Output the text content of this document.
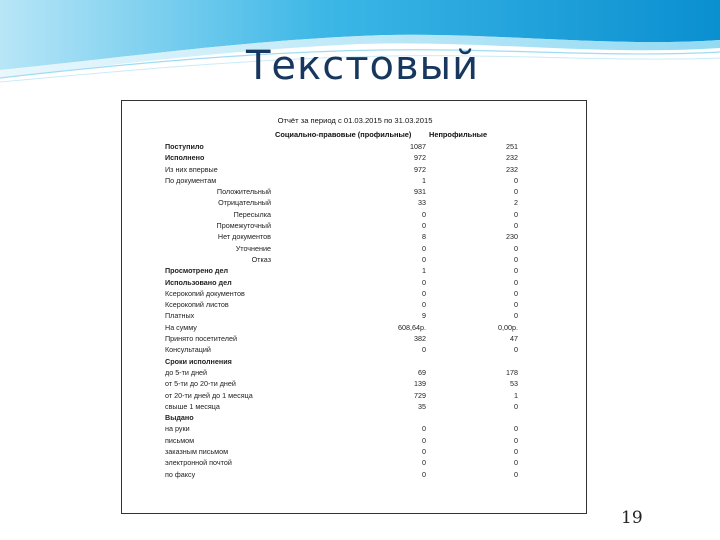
Текстовый
Отчёт за период с 01.03.2015 по 31.03.2015
Социально-правовые (профильные) Непрофильные
Поступило	1087	251
Исполнено	972	232
Из них впервые	972	232
По документам	1	0
Положительный	931	0
Отрицательный	33	2
Пересылка	0	0
Промежуточный	0	0
Нет документов	8	230
Уточнение	0	0
Отказ	0	0
Просмотрено дел	1	0
Использовано дел	0	0
Ксерокопий документов	0	0
Ксерокопий листов	0	0
Платных	9	0
На сумму	608,64р.	0,00р.
Принято посетителей	382	47
Консультаций	0	0
Сроки исполнения
до 5-ти дней	69	178
от 5-ти до 20-ти дней	139	53
от 20-ти дней до 1 месяца	729	1
свыше 1 месяца	35	0
Выдано
на руки	0	0
письмом	0	0
заказным письмом	0	0
электронной почтой	0	0
по факсу	0	0
19
